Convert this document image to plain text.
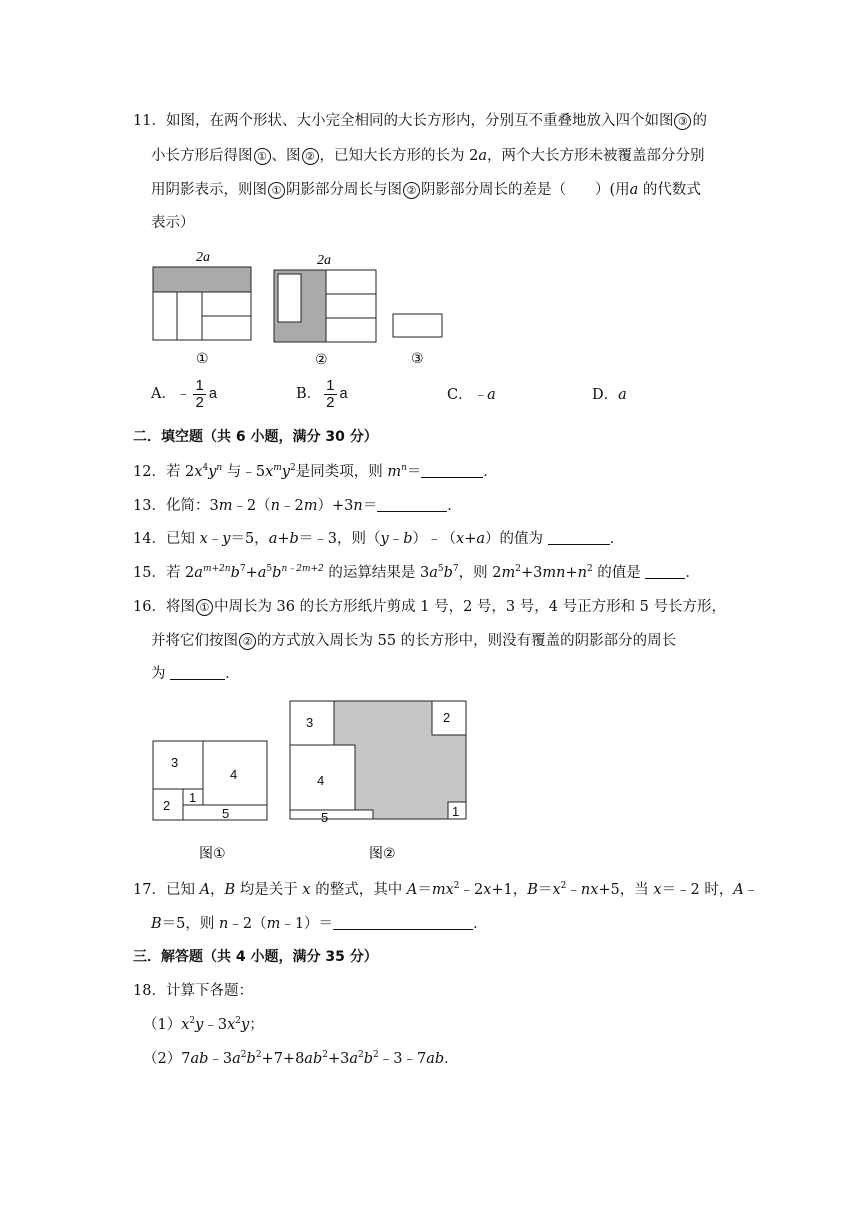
11．如图，在两个形状、大小完全相同的大长方形内，分别互不重叠地放入四个如图 ③ 的
小长方形后得图 ① 、图 ② ，已知大长方形的长为 2a，两个大长方形未被覆盖部分分别
用阴影表示，则图 ① 阴影部分周长与图 ② 阴影部分周长的差是（　　）(用a 的代数式
表示）
2a	2a
①	②	③
A．﹣ $\frac{1}{2}$ a	B． $\frac{1}{2}$ a	C．﹣a	D．a
二．填空题（共 6 小题，满分 30 分）
12．若 $2x^4y^n$ 与$﹣5x^my^2$是同类项，则 $m^n=$	．
13．化简：3m﹣2（n﹣2m）+3n＝	．
14．已知 x﹣y＝5，a+b＝﹣3，则（y﹣b）﹣（x+a）的值为	．
15．若 $2a^{m+2n}b^7+a^5b^{n﹣2m+2}$ 的运算结果是 $3a^5b^7$，则 $2m^2+3mn+n^2$ 的值是	．
16．将图 ① 中周长为 36 的长方形纸片剪成 1 号，2 号，3 号，4 号正方形和 5 号长方形，
并将它们按图 ② 的方式放入周长为 55 的长方形中，则没有覆盖的阴影部分的周长
为	．
3
4
2
1
5
3	2
4
1
5
图①	图②
17．已知 A，B 均是关于 x 的整式，其中 $A=mx^2﹣2x+1$，$B=x^2﹣nx+5$，当 x＝﹣2 时，A﹣
B＝5，则 n﹣2（m﹣1）＝	．
三．解答题（共 4 小题，满分 35 分）
18．计算下各题：
$(1)x^2y﹣3x^2y$；
$(2)7ab﹣3a^2b^2+7+8ab^2+3a^2b^2﹣3﹣7ab$．
